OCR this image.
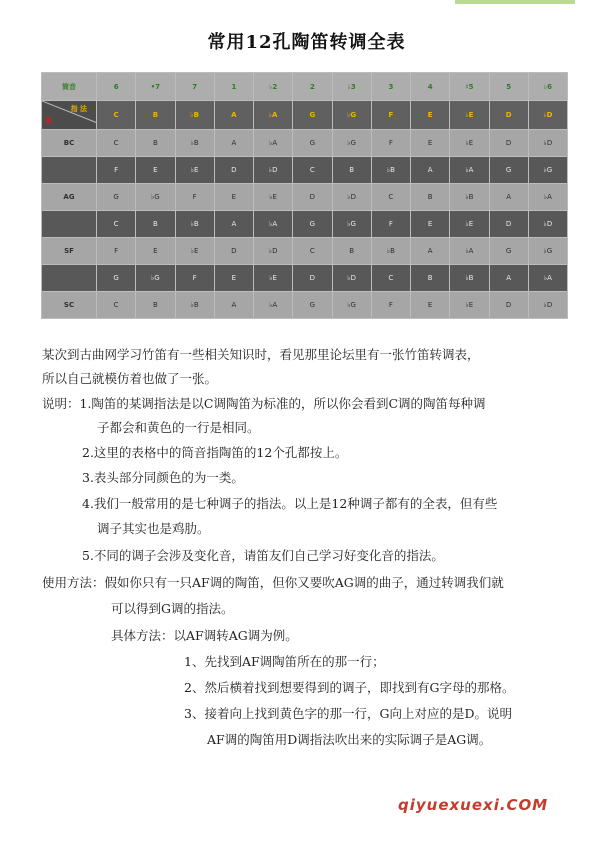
常用12孔陶笛转调全表
筒音	6	•7	7	1	♭2	2	♭3	3	4	♯5	5	♭6

指 法
调	C	B	♭B	A	♭A	G	♭G	F	E	♭E	D	♭D
BC	C	B	♭B	A	♭A	G	♭G	F	E	♭E	D	♭D
	F	E	♭E	D	♭D	C	B	♭B	A	♭A	G	♭G
AG	G	♭G	F	E	♭E	D	♭D	C	B	♭B	A	♭A
	C	B	♭B	A	♭A	G	♭G	F	E	♭E	D	♭D
SF	F	E	♭E	D	♭D	C	B	♭B	A	♭A	G	♭G
	G	♭G	F	E	♭E	D	♭D	C	B	♭B	A	♭A
SC	C	B	♭B	A	♭A	G	♭G	F	E	♭E	D	♭D
某次到古曲网学习竹笛有一些相关知识时，看见那里论坛里有一张竹笛转调表，
所以自己就模仿着也做了一张。
说明：1.陶笛的某调指法是以C调陶笛为标准的，所以你会看到C调的陶笛每种调
子都会和黄色的一行是相同。
2.这里的表格中的筒音指陶笛的12个孔都按上。
3.表头部分同颜色的为一类。
4.我们一般常用的是七种调子的指法。以上是12种调子都有的全表，但有些
调子其实也是鸡肋。
5.不同的调子会涉及变化音，请笛友们自己学习好变化音的指法。
使用方法：假如你只有一只AF调的陶笛，但你又要吹AG调的曲子，通过转调我们就
可以得到G调的指法。
具体方法：以AF调转AG调为例。
1、先找到AF调陶笛所在的那一行；
2、然后横着找到想要得到的调子，即找到有G字母的那格。
3、接着向上找到黄色字的那一行，G向上对应的是D。说明
AF调的陶笛用D调指法吹出来的实际调子是AG调。
qiyuexuexi.COM
